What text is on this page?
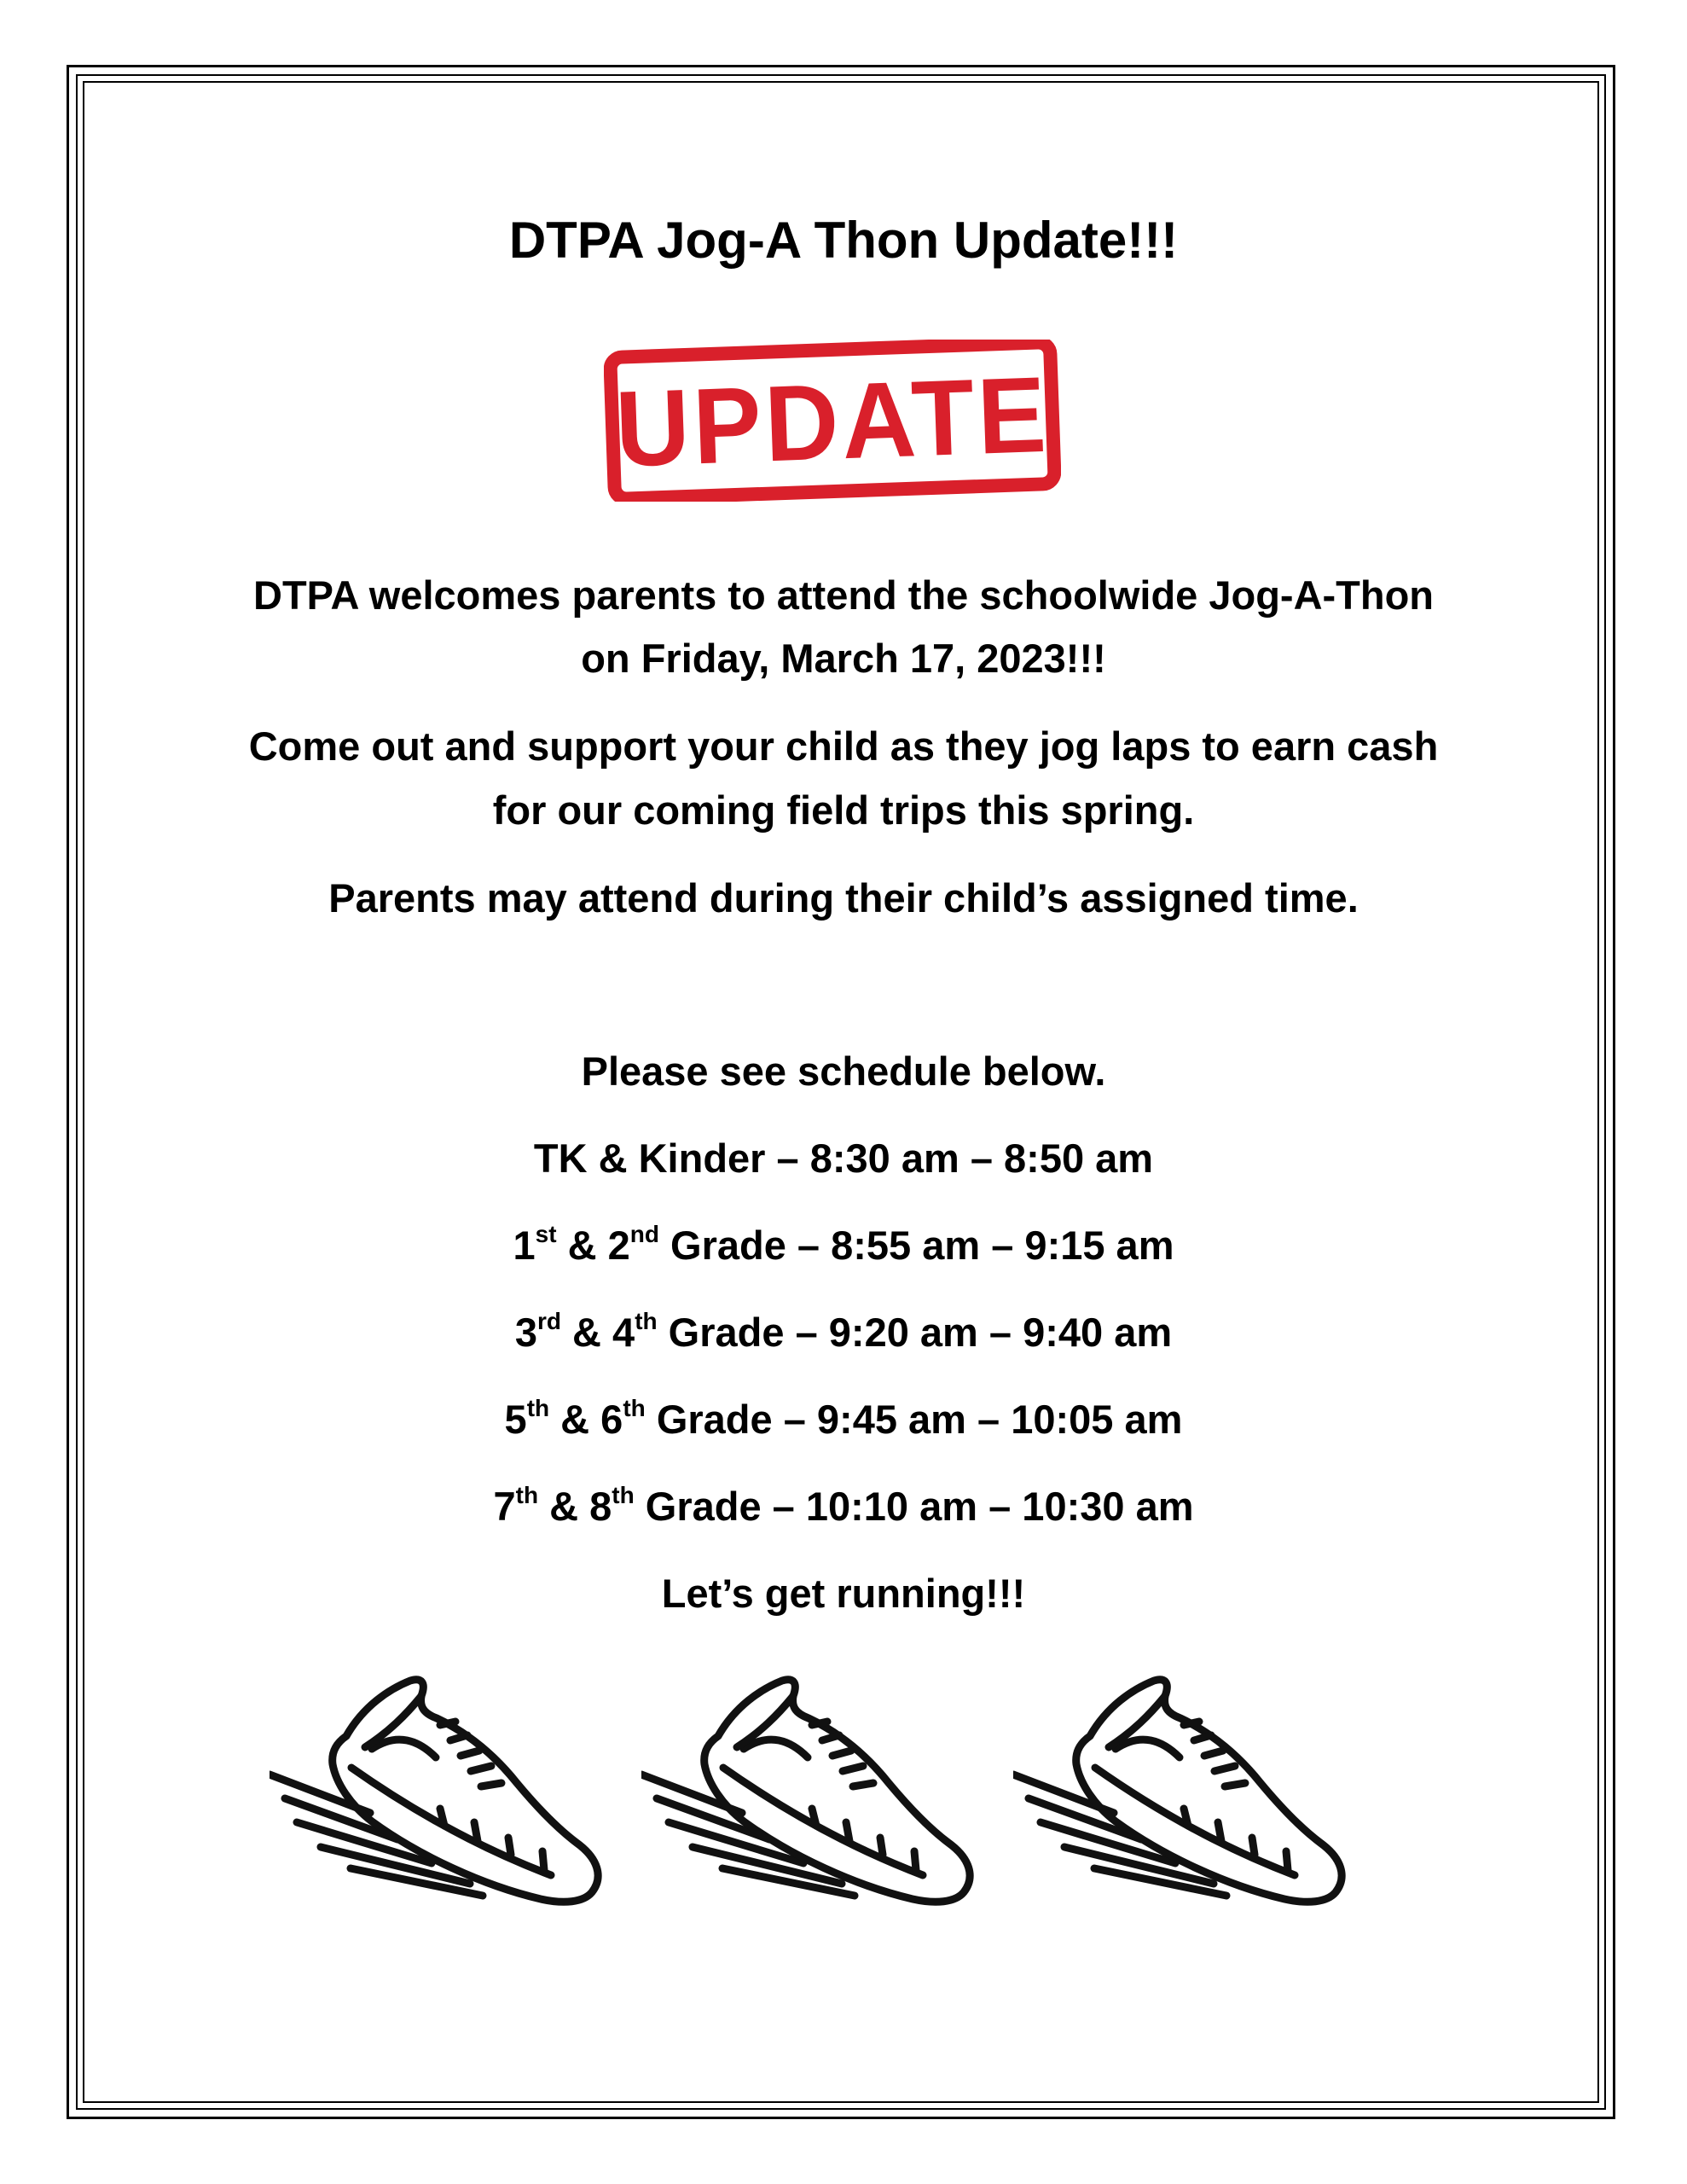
DTPA Jog-A Thon Update!!!
UPDATE
DTPA welcomes parents to attend the schoolwide Jog-A-Thon
on Friday, March 17, 2023!!!
Come out and support your child as they jog laps to earn cash
for our coming field trips this spring.
Parents may attend during their child’s assigned time.
Please see schedule below.
TK & Kinder – 8:30 am – 8:50 am
1st & 2nd Grade – 8:55 am – 9:15 am
3rd & 4th Grade – 9:20 am – 9:40 am
5th & 6th Grade – 9:45 am – 10:05 am
7th & 8th Grade – 10:10 am – 10:30 am
Let’s get running!!!
